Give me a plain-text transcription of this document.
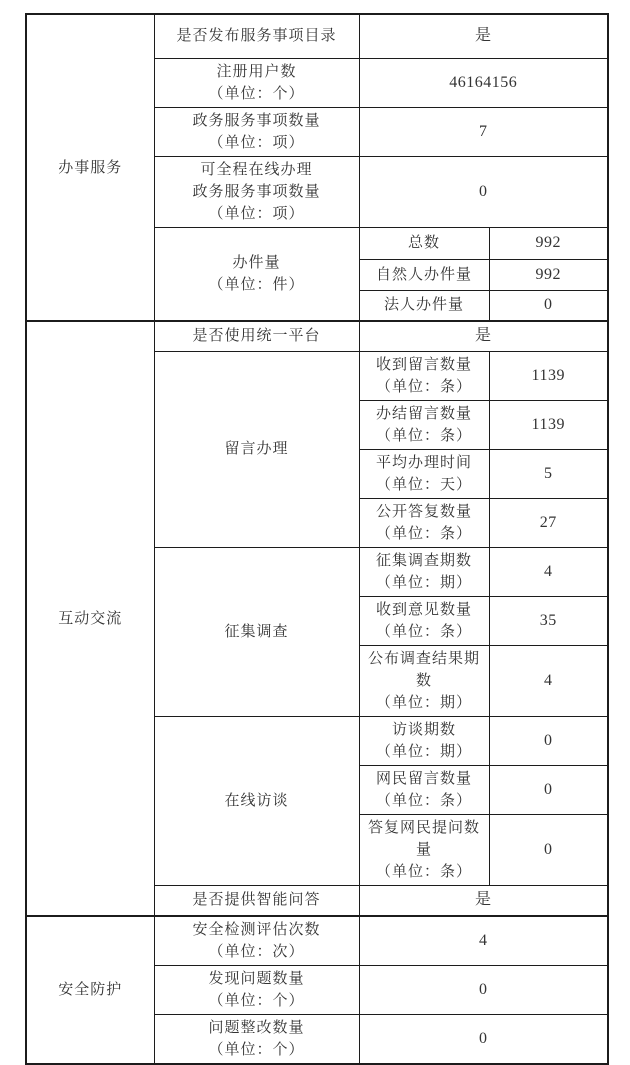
办事服务	是否发布服务事项目录	是	

	注册用户数
（单位：个）	46164156	

	政务服务事项数量
（单位：项）	7	

	可全程在线办理
政务服务事项数量
（单位：项）	0	

	办件量
（单位：件）	总数	992
		自然人办件量	992
		法人办件量	0
互动交流	是否使用统一平台	是	
	留言办理	收到留言数量
（单位：条）	1139

		办结留言数量
（单位：条）	1139

		平均办理时间
（单位：天）	5

		公开答复数量
（单位：条）	27
	征集调查	征集调查期数
（单位：期）	4

		收到意见数量
（单位：条）	35

		公布调查结果期数
（单位：期）	4
	在线访谈	访谈期数
（单位：期）	0

		网民留言数量
（单位：条）	0

		答复网民提问数量
（单位：条）	0
	是否提供智能问答	是	
安全防护	安全检测评估次数
（单位：次）	4	

	发现问题数量
（单位：个）	0	

	问题整改数量
（单位：个）	0	
